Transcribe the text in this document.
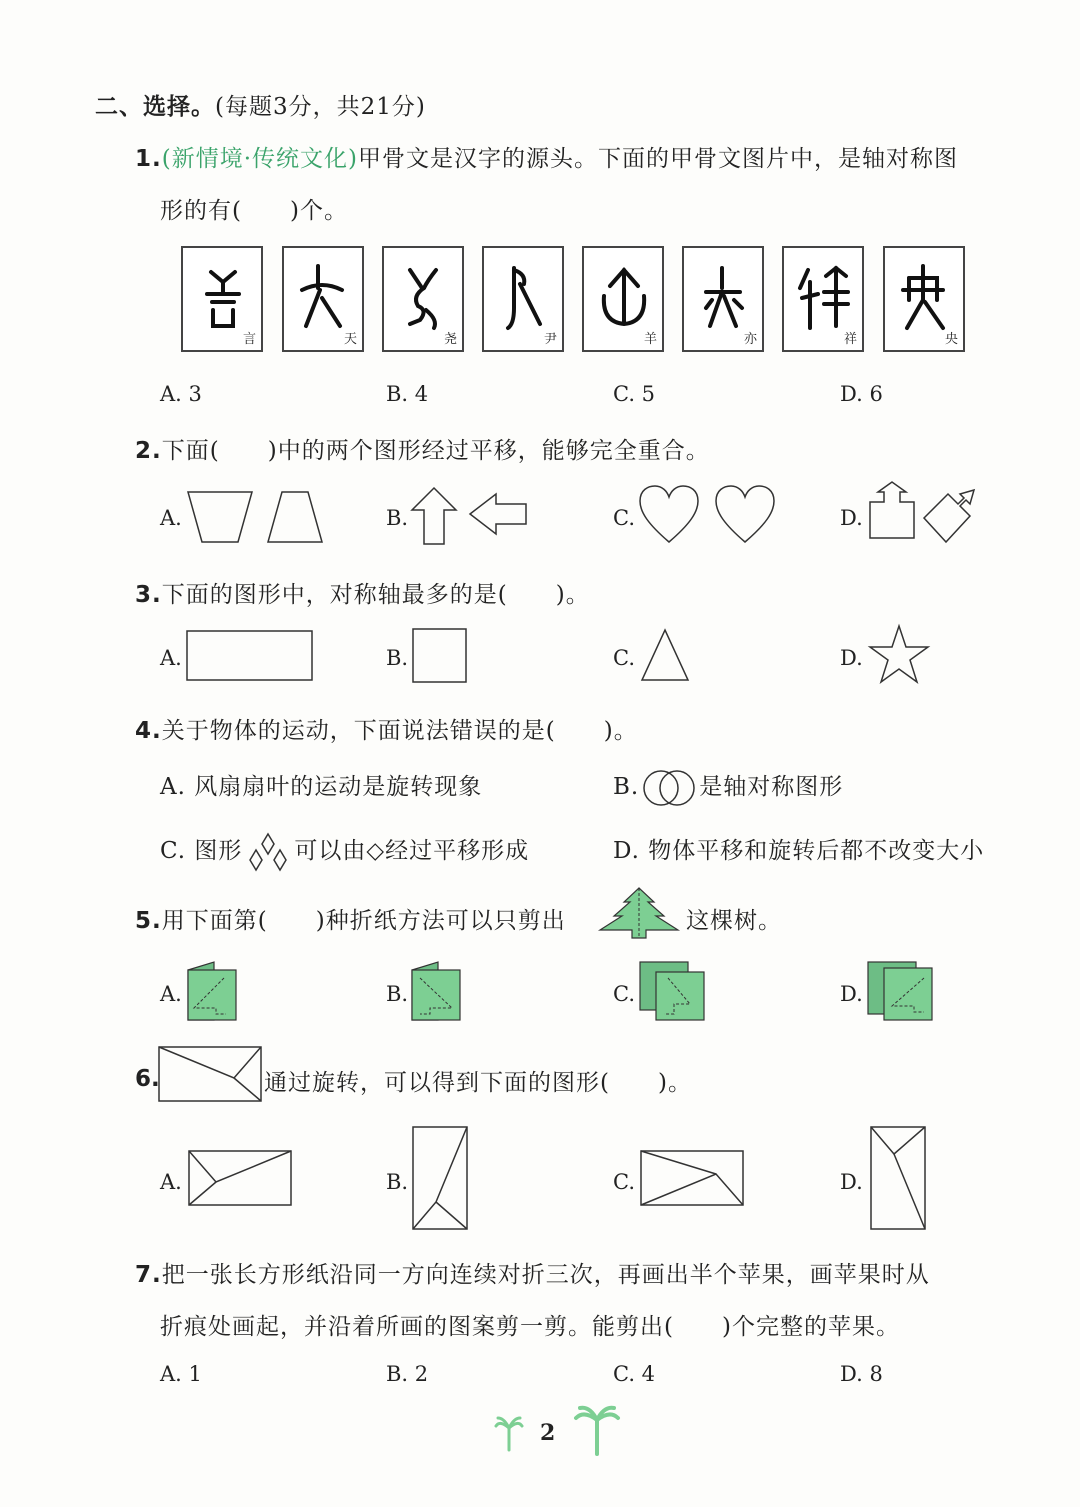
二、选择。(每题3分，共21分)
1.(新情境·传统文化)甲骨文是汉字的源头。下面的甲骨文图片中，是轴对称图
形的有(　　)个。
言	天	尧	尹	羊	亦	祥	央
A. 3	B. 4	C. 5	D. 6
2.下面(　　)中的两个图形经过平移，能够完全重合。
A.	B.	C.	D.
3.下面的图形中，对称轴最多的是(　　)。
A.	B.	C.	D.
4.关于物体的运动，下面说法错误的是(　　)。
A. 风扇扇叶的运动是旋转现象	B.	是轴对称图形
C. 图形 可以由◇经过平移形成	D. 物体平移和旋转后都不改变大小
5.用下面第(　　)种折纸方法可以只剪出	这棵树。
A.	B.	C.	D.
6.	通过旋转，可以得到下面的图形(　　)。
A.	B.	C.	D.
7.把一张长方形纸沿同一方向连续对折三次，再画出半个苹果，画苹果时从
折痕处画起，并沿着所画的图案剪一剪。能剪出(　　)个完整的苹果。
A. 1	B. 2	C. 4	D. 8
2
